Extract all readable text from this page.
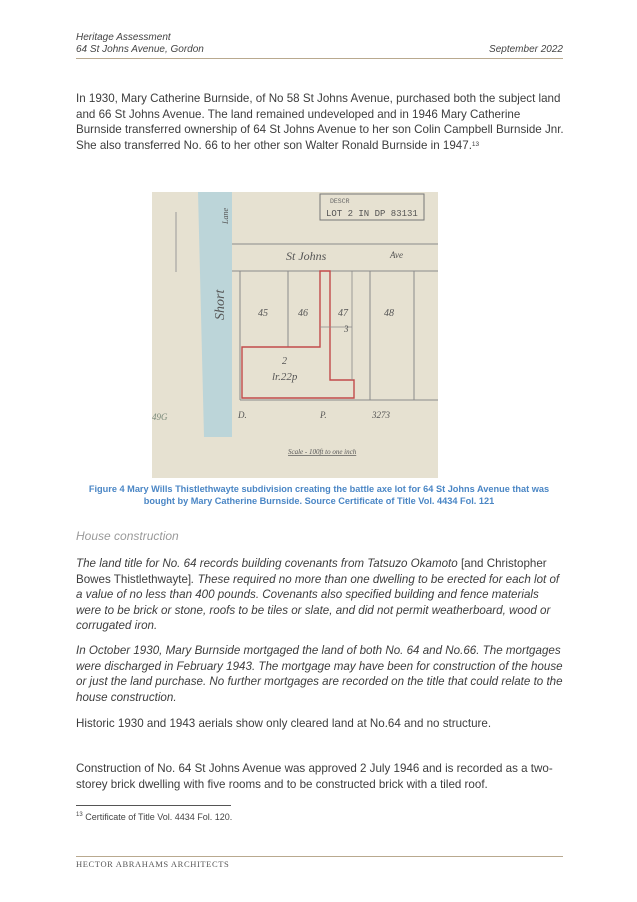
Heritage Assessment
64 St Johns Avenue, Gordon	September 2022

In 1930, Mary Catherine Burnside, of No 58 St Johns Avenue, purchased both the subject land and 66 St Johns Avenue. The land remained undeveloped and in 1946 Mary Catherine Burnside transferred ownership of 64 St Johns Avenue to her son Colin Campbell Burnside Jnr. She also transferred No. 66 to her other son Walter Ronald Burnside in 1947.13

DESCR
LOT 2 IN DP 83131
Short
Lane
St Johns	Ave
45	46	47	48
3
2
lr.22p
D.	P.	3273
Scale - 100ft to one inch
49G
Figure 4 Mary Wills Thistlethwayte subdivision creating the battle axe lot for 64 St Johns Avenue that was bought by Mary Catherine Burnside. Source Certificate of Title Vol. 4434 Fol. 121
House construction

The land title for No. 64 records building covenants from Tatsuzo Okamoto [and Christopher Bowes Thistlethwayte]. These required no more than one dwelling to be erected for each lot of a value of no less than 400 pounds. Covenants also specified building and fence materials were to be brick or stone, roofs to be tiles or slate, and did not permit weatherboard, wood or corrugated iron.

In October 1930, Mary Burnside mortgaged the land of both No. 64 and No.66. The mortgages were discharged in February 1943. The mortgage may have been for construction of the house or just the land purchase. No further mortgages are recorded on the title that could relate to the house construction.

Historic 1930 and 1943 aerials show only cleared land at No.64 and no structure.

Construction of No. 64 St Johns Avenue was approved 2 July 1946 and is recorded as a two-storey brick dwelling with five rooms and to be constructed brick with a tiled roof.

$^{13}$ Certificate of Title Vol. 4434 Fol. 120.
HECTOR ABRAHAMS ARCHITECTS
